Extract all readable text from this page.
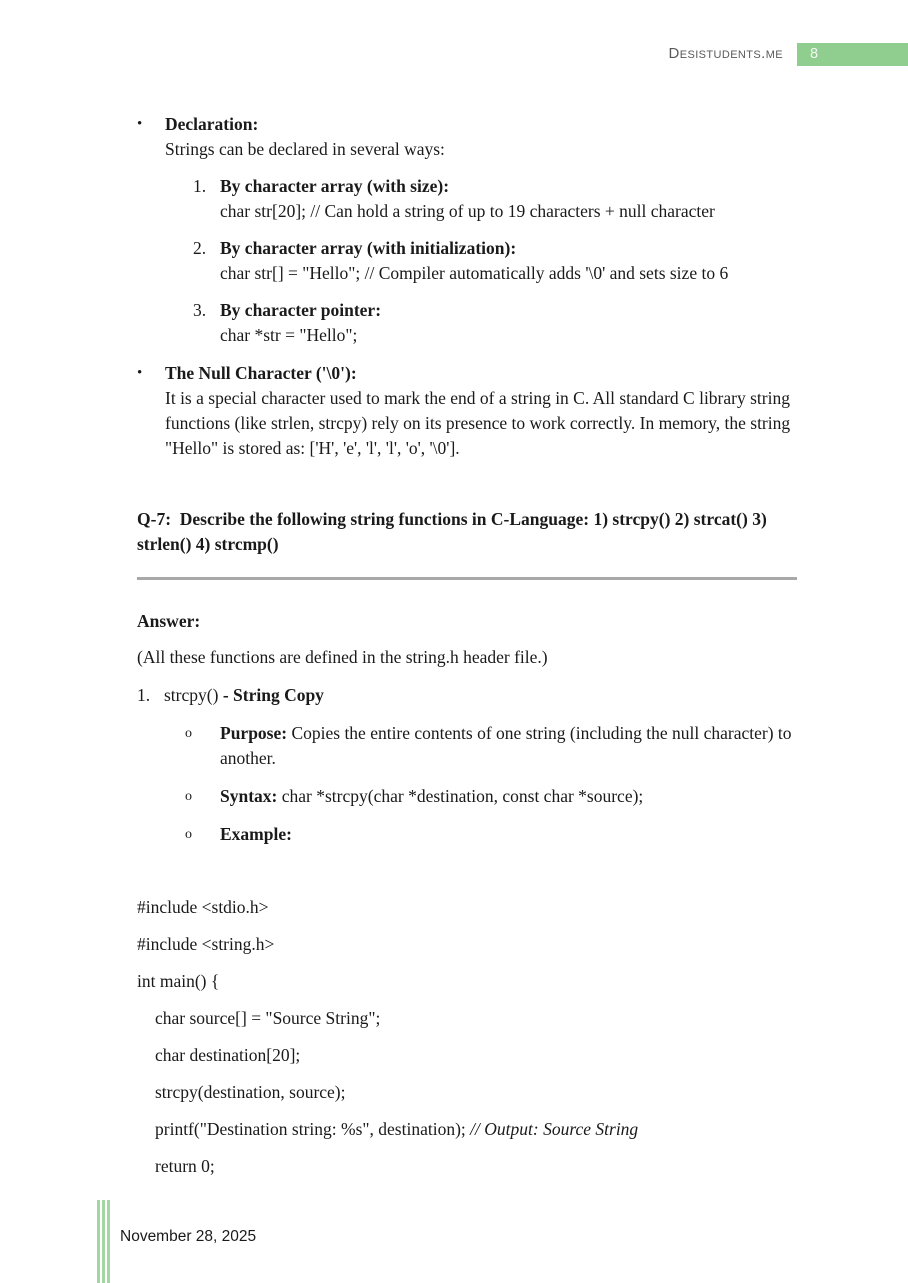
Desistudents.me 8
•	Declaration:
Strings can be declared in several ways:
1. By character array (with size):
char str[20]; // Can hold a string of up to 19 characters + null character
2. By character array (with initialization):
char str[] = "Hello"; // Compiler automatically adds '\0' and sets size to 6
3. By character pointer:
char *str = "Hello";
•	The Null Character ('\0'):
It is a special character used to mark the end of a string in C. All standard C library string functions (like strlen, strcpy) rely on its presence to work correctly. In memory, the string "Hello" is stored as: ['H', 'e', 'l', 'l', 'o', '\0'].
Q-7:  Describe the following string functions in C-Language: 1) strcpy() 2) strcat() 3) strlen() 4) strcmp()

Answer:

(All these functions are defined in the string.h header file.)

1. strcpy() - String Copy
o	Purpose: Copies the entire contents of one string (including the null character) to another.
o	Syntax: char *strcpy(char *destination, const char *source);
o	Example:

#include <stdio.h>

#include <string.h>

int main() {

char source[] = "Source String";

char destination[20];

strcpy(destination, source);

printf("Destination string: %s", destination); // Output: Source String

return 0;

November 28, 2025
